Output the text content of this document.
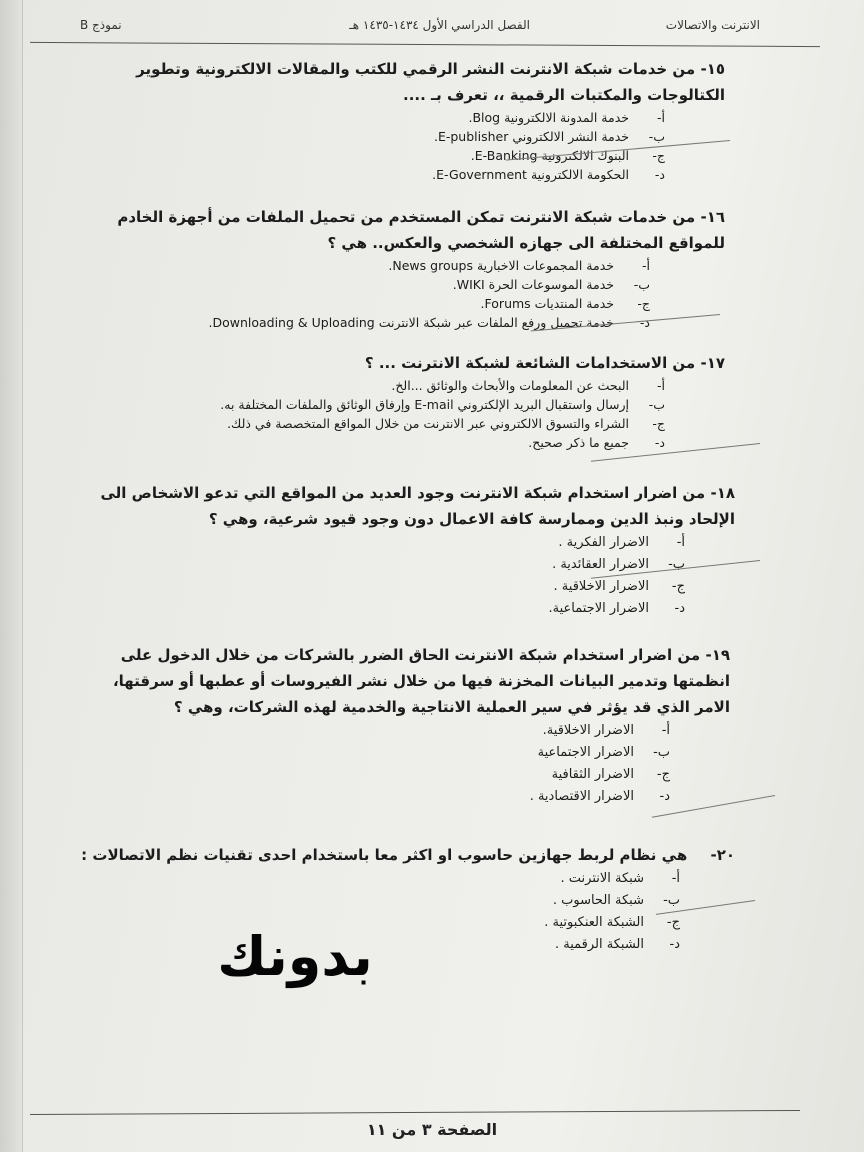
الانترنت والاتصالات
الفصل الدراسي الأول ١٤٣٤-١٤٣٥ هـ
نموذج B

١٥- من خدمات شبكة الانترنت النشر الرقمي للكتب والمقالات الالكترونية وتطوير الكتالوجات والمكتبات الرقمية ،، تعرف بـ ....

أ-
خدمة المدونة الالكترونية Blog.
ب-
خدمة النشر الالكتروني E-publisher.
ج-
البنوك الالكترونية E-Banking.
د-
الحكومة الالكترونية E-Government.

١٦- من خدمات شبكة الانترنت تمكن المستخدم من تحميل الملفات من أجهزة الخادم للمواقع المختلفة الى جهازه الشخصي والعكس.. هي ؟

أ-
خدمة المجموعات الاخبارية News groups.
ب-
خدمة الموسوعات الحرة WIKI.
ج-
خدمة المنتديات Forums.
د-
خدمة تحميل ورفع الملفات عبر شبكة الانترنت Downloading & Uploading.

١٧- من الاستخدامات الشائعة لشبكة الانترنت ... ؟

أ-
البحث عن المعلومات والأبحاث والوثائق ...الخ.
ب-
إرسال واستقبال البريد الإلكتروني E-mail وإرفاق الوثائق والملفات المختلفة به.
ج-
الشراء والتسوق الالكتروني عبر الانترنت من خلال المواقع المتخصصة في ذلك.
د-
جميع ما ذكر صحيح.

١٨- من اضرار استخدام شبكة الانترنت وجود العديد من المواقع التي تدعو الاشخاص الى الإلحاد ونبذ الدين وممارسة كافة الاعمال دون وجود قيود شرعية، وهي ؟

أ-
الاضرار الفكرية .
ب-
الاضرار العقائدية .
ج-
الاضرار الاخلاقية .
د-
الاضرار الاجتماعية.

١٩- من اضرار استخدام شبكة الانترنت الحاق الضرر بالشركات من خلال الدخول على انظمتها وتدمير البيانات المخزنة فيها من خلال نشر الفيروسات أو عطبها أو سرقتها، الامر الذي قد يؤثر في سير العملية الانتاجية والخدمية لهذه الشركات، وهي ؟

أ-
الاضرار الاخلاقية.
ب-
الاضرار الاجتماعية
ج-
الاضرار الثقافية
د-
الاضرار الاقتصادية .

٢٠- هي نظام لربط جهازين حاسوب او اكثر معا باستخدام احدى تقنيات نظم الاتصالات :

أ-
شبكة الانترنت .
ب-
شبكة الحاسوب .
ج-
الشبكة العنكبوتية .
د-
الشبكة الرقمية .
بدونك
الصفحة ٣ من ١١
